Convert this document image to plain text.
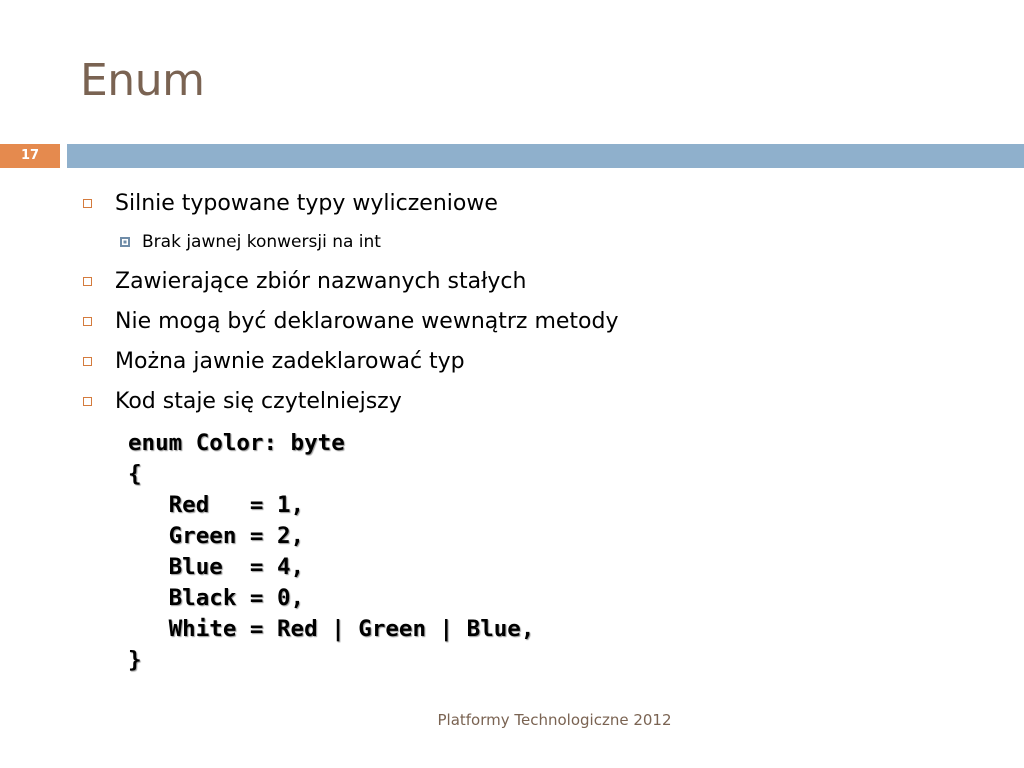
Enum
17
Silnie typowane typy wyliczeniowe
Brak jawnej konwersji na int
Zawierające zbiór nazwanych stałych
Nie mogą być deklarowane wewnątrz metody
Można jawnie zadeklarować typ
Kod staje się czytelniejszy
enum Color: byte
{
Red   = 1,
Green = 2,
Blue  = 4,
Black = 0,
White = Red | Green | Blue,
}
Platformy Technologiczne 2012
